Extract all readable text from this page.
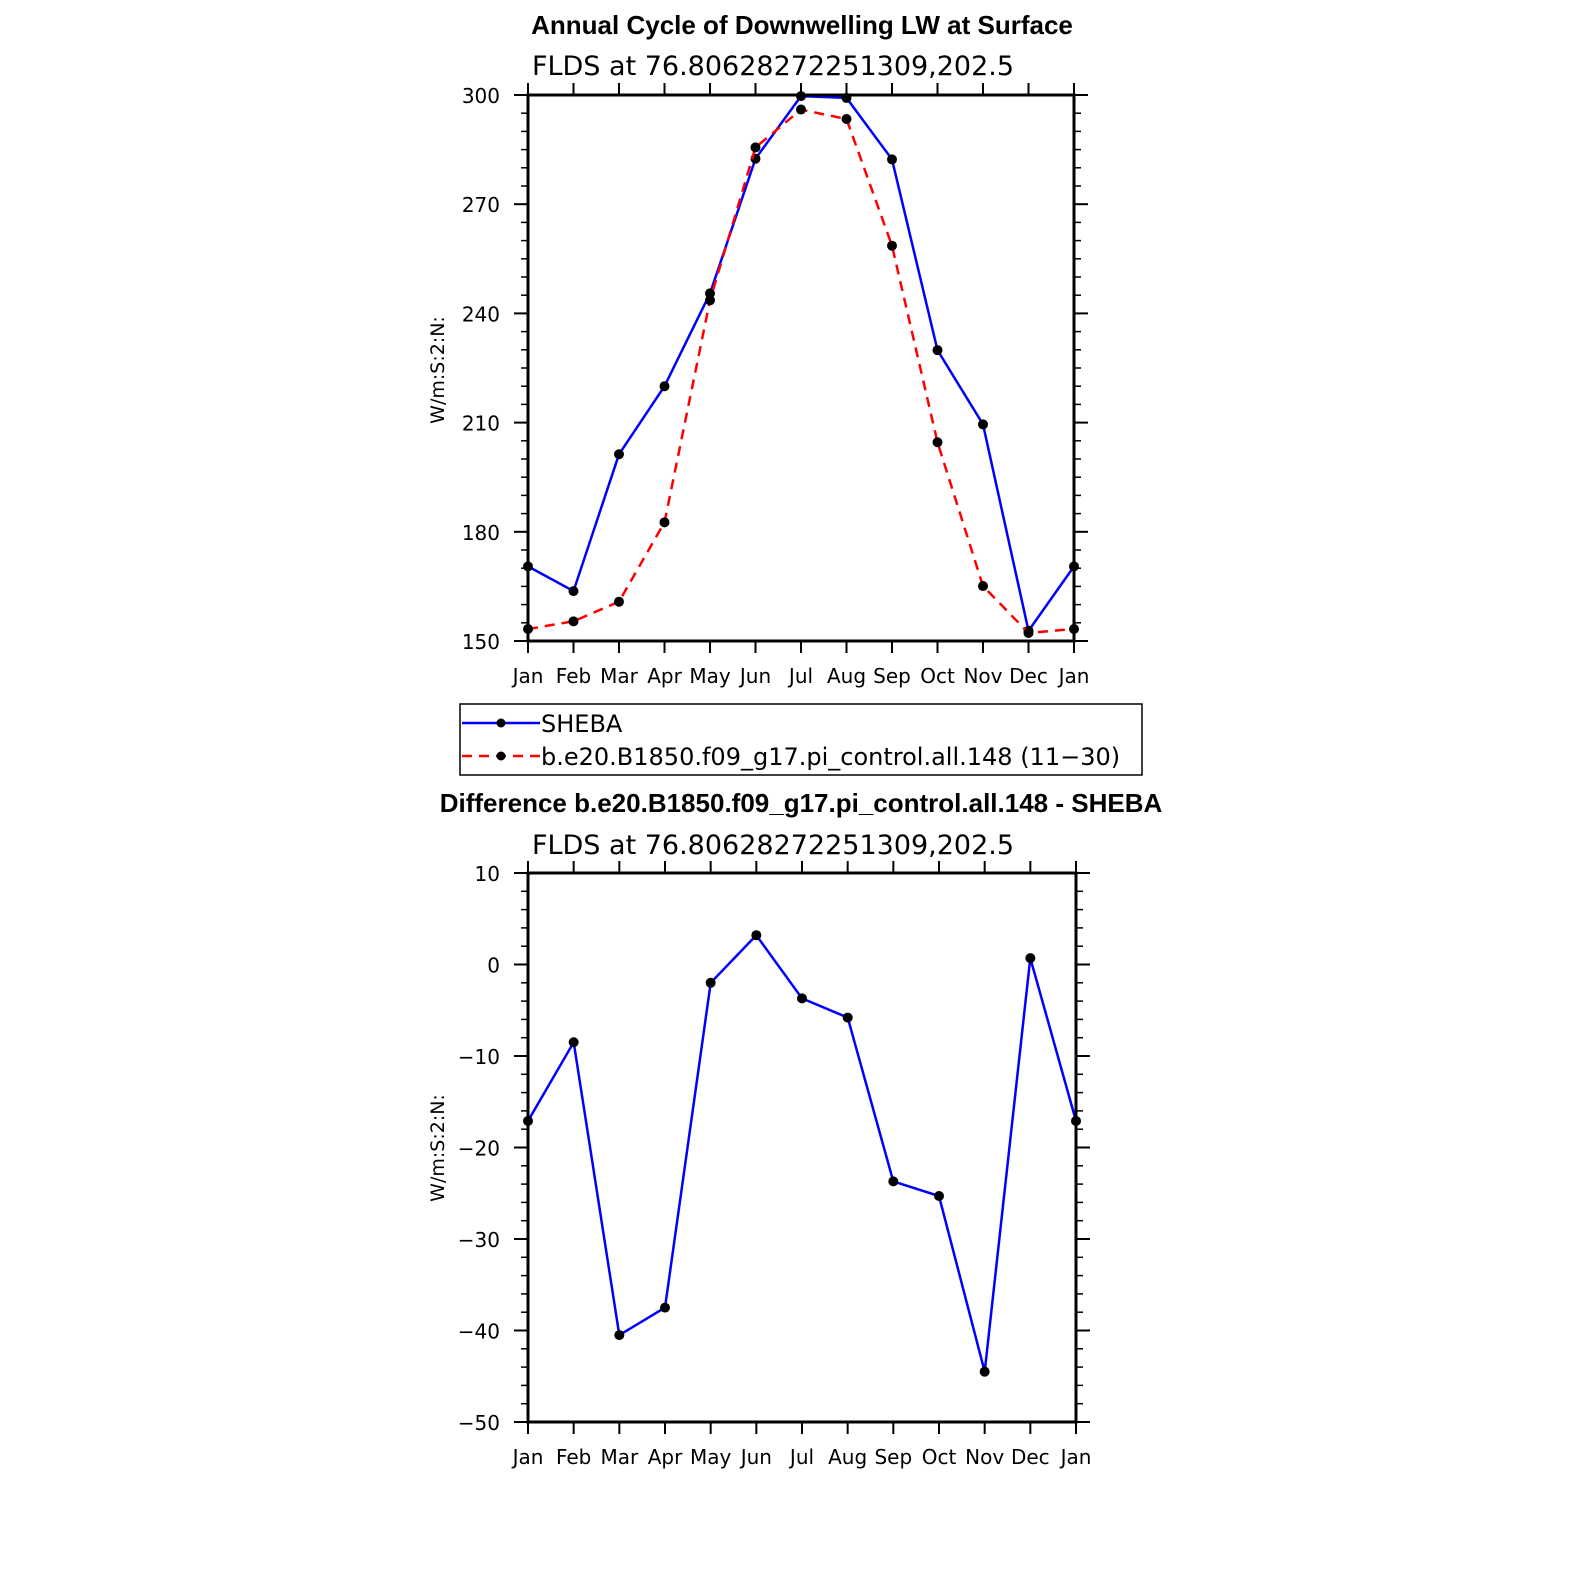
Annual Cycle of Downwelling LW at Surface
FLDS at 76.80628272251309,202.5
W/m:S:2:N:
Jan Feb Mar Apr May Jun Jul Aug Sep Oct Nov Dec Jan
150
180
210
240
270
300
SHEBA
b.e20.B1850.f09_g17.pi_control.all.148 (11−30)
Difference b.e20.B1850.f09_g17.pi_control.all.148 - SHEBA
FLDS at 76.80628272251309,202.5
W/m:S:2:N:
Jan Feb Mar Apr May Jun Jul Aug Sep Oct Nov Dec Jan
−50
−40
−30
−20
−10
0
10
